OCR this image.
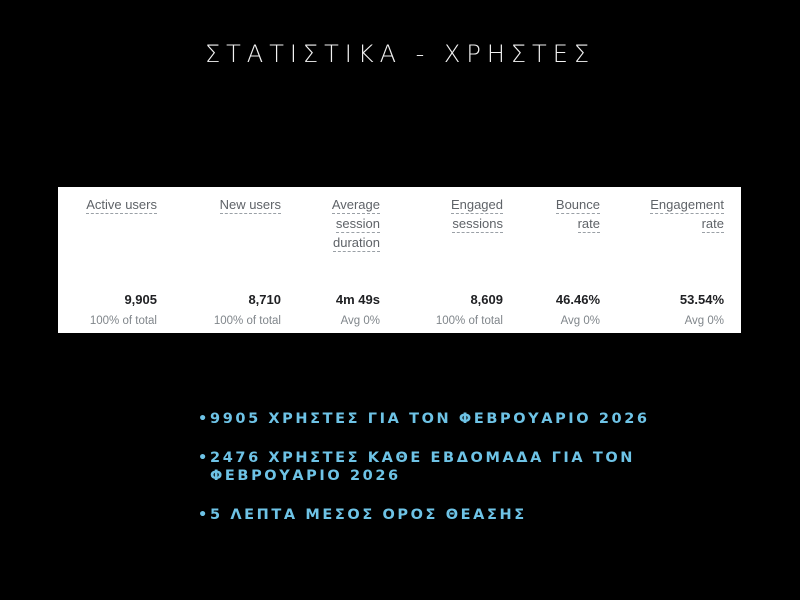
ΣΤΑΤΙΣΤΙΚΑ - ΧΡΗΣΤΕΣ
Active users
9,905
100% of total
New users
8,710
100% of total
Average
session
duration
4m 49s
Avg 0%
Engaged
sessions
8,609
100% of total
Bounce
rate
46.46%
Avg 0%
Engagement
rate
53.54%
Avg 0%
• 9905 ΧΡΗΣΤΕΣ ΓΙΑ ΤΟΝ ΦΕΒΡΟΥΑΡΙΟ 2026
• 2476 ΧΡΗΣΤΕΣ ΚΑΘΕ ΕΒΔΟΜΑΔΑ ΓΙΑ ΤΟΝ ΦΕΒΡΟΥΑΡΙΟ 2026
• 5 ΛΕΠΤΑ ΜΕΣΟΣ ΟΡΟΣ ΘΕΑΣΗΣ
